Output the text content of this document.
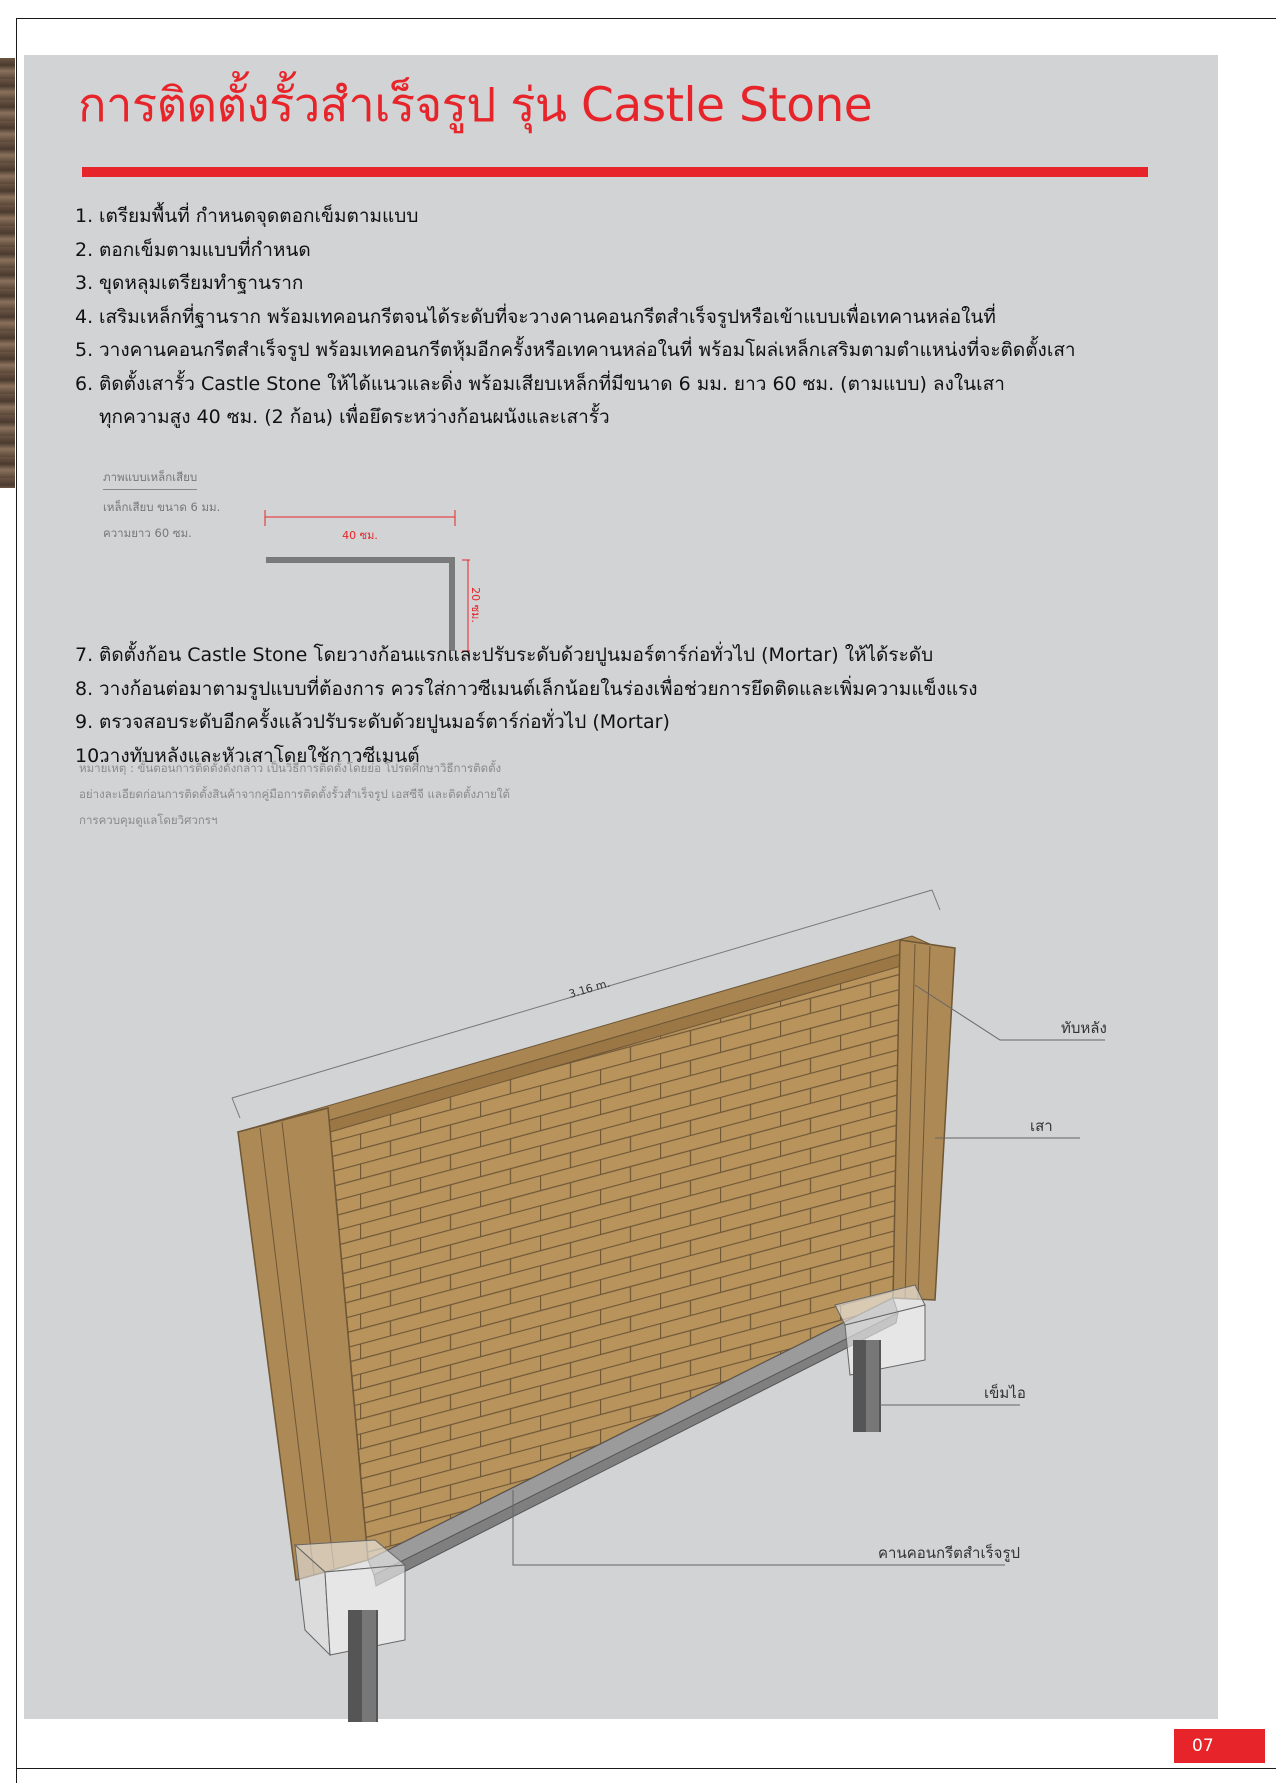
การติดตั้งรั้วสำเร็จรูป รุ่น Castle Stone
1. เตรียมพื้นที่ กำหนดจุดตอกเข็มตามแบบ
2. ตอกเข็มตามแบบที่กำหนด
3. ขุดหลุมเตรียมทำฐานราก
4. เสริมเหล็กที่ฐานราก พร้อมเทคอนกรีตจนได้ระดับที่จะวางคานคอนกรีตสำเร็จรูปหรือเข้าแบบเพื่อเทคานหล่อในที่
5. วางคานคอนกรีตสำเร็จรูป พร้อมเทคอนกรีตหุ้มอีกครั้งหรือเทคานหล่อในที่ พร้อมโผล่เหล็กเสริมตามตำแหน่งที่จะติดตั้งเสา
6. ติดตั้งเสารั้ว Castle Stone ให้ได้แนวและดิ่ง พร้อมเสียบเหล็กที่มีขนาด 6 มม. ยาว 60 ซม. (ตามแบบ) ลงในเสา
ทุกความสูง 40 ซม. (2 ก้อน) เพื่อยึดระหว่างก้อนผนังและเสารั้ว
ภาพแบบเหล็กเสียบ
เหล็กเสียบ ขนาด 6 มม.
ความยาว 60 ซม.	40 ซม.
20 ซม.
7. ติดตั้งก้อน Castle Stone โดยวางก้อนแรกและปรับระดับด้วยปูนมอร์ตาร์ก่อทั่วไป (Mortar) ให้ได้ระดับ
8. วางก้อนต่อมาตามรูปแบบที่ต้องการ ควรใส่กาวซีเมนต์เล็กน้อยในร่องเพื่อช่วยการยึดติดและเพิ่มความแข็งแรง
9. ตรวจสอบระดับอีกครั้งแล้วปรับระดับด้วยปูนมอร์ตาร์ก่อทั่วไป (Mortar)
10.วางทับหลังและหัวเสาโดยใช้กาวซีเมนต์

หมายเหตุ : ขั้นตอนการติดตั้งดังกล่าว เป็นวิธีการติดตั้งโดยย่อ โปรดศึกษาวิธีการติดตั้ง

อย่างละเอียดก่อนการติดตั้งสินค้าจากคู่มือการติดตั้งรั้วสำเร็จรูป เอสซีจี และติดตั้งภายใต้

การควบคุมดูแลโดยวิศวกรฯ

3.16 m.
ทับหลัง
เสา
เข็มไอ
คานคอนกรีตสำเร็จรูป
07
